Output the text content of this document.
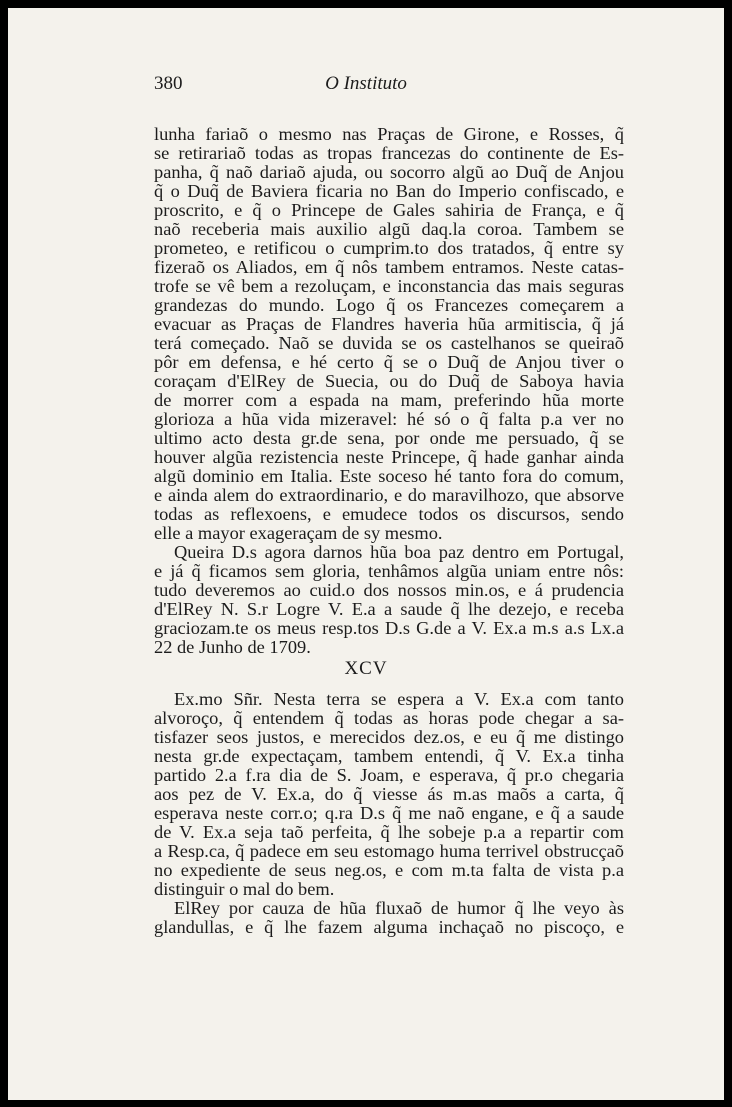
380	O Instituto
lunha fariaõ o mesmo nas Praças de Girone, e Rosses, q̃
se retirariaõ todas as tropas francezas do continente de Es-
panha, q̃ naõ dariaõ ajuda, ou socorro algũ ao Duq̃ de Anjou
q̃ o Duq̃ de Baviera ficaria no Ban do Imperio confiscado, e
proscrito, e q̃ o Princepe de Gales sahiria de França, e q̃
naõ receberia mais auxilio algũ daq.la coroa. Tambem se
prometeo, e retificou o cumprim.to dos tratados, q̃ entre sy
fizeraõ os Aliados, em q̃ nôs tambem entramos. Neste catas-
trofe se vê bem a rezoluçam, e inconstancia das mais seguras
grandezas do mundo. Logo q̃ os Francezes começarem a
evacuar as Praças de Flandres haveria hũa armitiscia, q̃ já
terá começado. Naõ se duvida se os castelhanos se queiraõ
pôr em defensa, e hé certo q̃ se o Duq̃ de Anjou tiver o
coraçam d'ElRey de Suecia, ou do Duq̃ de Saboya havia
de morrer com a espada na mam, preferindo hũa morte
glorioza a hũa vida mizeravel: hé só o q̃ falta p.a ver no
ultimo acto desta gr.de sena, por onde me persuado, q̃ se
houver algũa rezistencia neste Princepe, q̃ hade ganhar ainda
algũ dominio em Italia. Este soceso hé tanto fora do comum,
e ainda alem do extraordinario, e do maravilhozo, que absorve
todas as reflexoens, e emudece todos os discursos, sendo
elle a mayor exageraçam de sy mesmo.
Queira D.s agora darnos hũa boa paz dentro em Portugal,
e já q̃ ficamos sem gloria, tenhâmos algũa uniam entre nôs:
tudo deveremos ao cuid.o dos nossos min.os, e á prudencia
d'ElRey N. S.r Logre V. E.a a saude q̃ lhe dezejo, e receba
graciozam.te os meus resp.tos D.s G.de a V. Ex.a m.s a.s Lx.a
22 de Junho de 1709.
XCV
Ex.mo Sñr. Nesta terra se espera a V. Ex.a com tanto
alvoroço, q̃ entendem q̃ todas as horas pode chegar a sa-
tisfazer seos justos, e merecidos dez.os, e eu q̃ me distingo
nesta gr.de expectaçam, tambem entendi, q̃ V. Ex.a tinha
partido 2.a f.ra dia de S. Joam, e esperava, q̃ pr.o chegaria
aos pez de V. Ex.a, do q̃ viesse ás m.as maõs a carta, q̃
esperava neste corr.o; q.ra D.s q̃ me naõ engane, e q̃ a saude
de V. Ex.a seja taõ perfeita, q̃ lhe sobeje p.a a repartir com
a Resp.ca, q̃ padece em seu estomago huma terrivel obstrucçaõ
no expediente de seus neg.os, e com m.ta falta de vista p.a
distinguir o mal do bem.
ElRey por cauza de hũa fluxaõ de humor q̃ lhe veyo às
glandullas, e q̃ lhe fazem alguma inchaçaõ no piscoço, e
